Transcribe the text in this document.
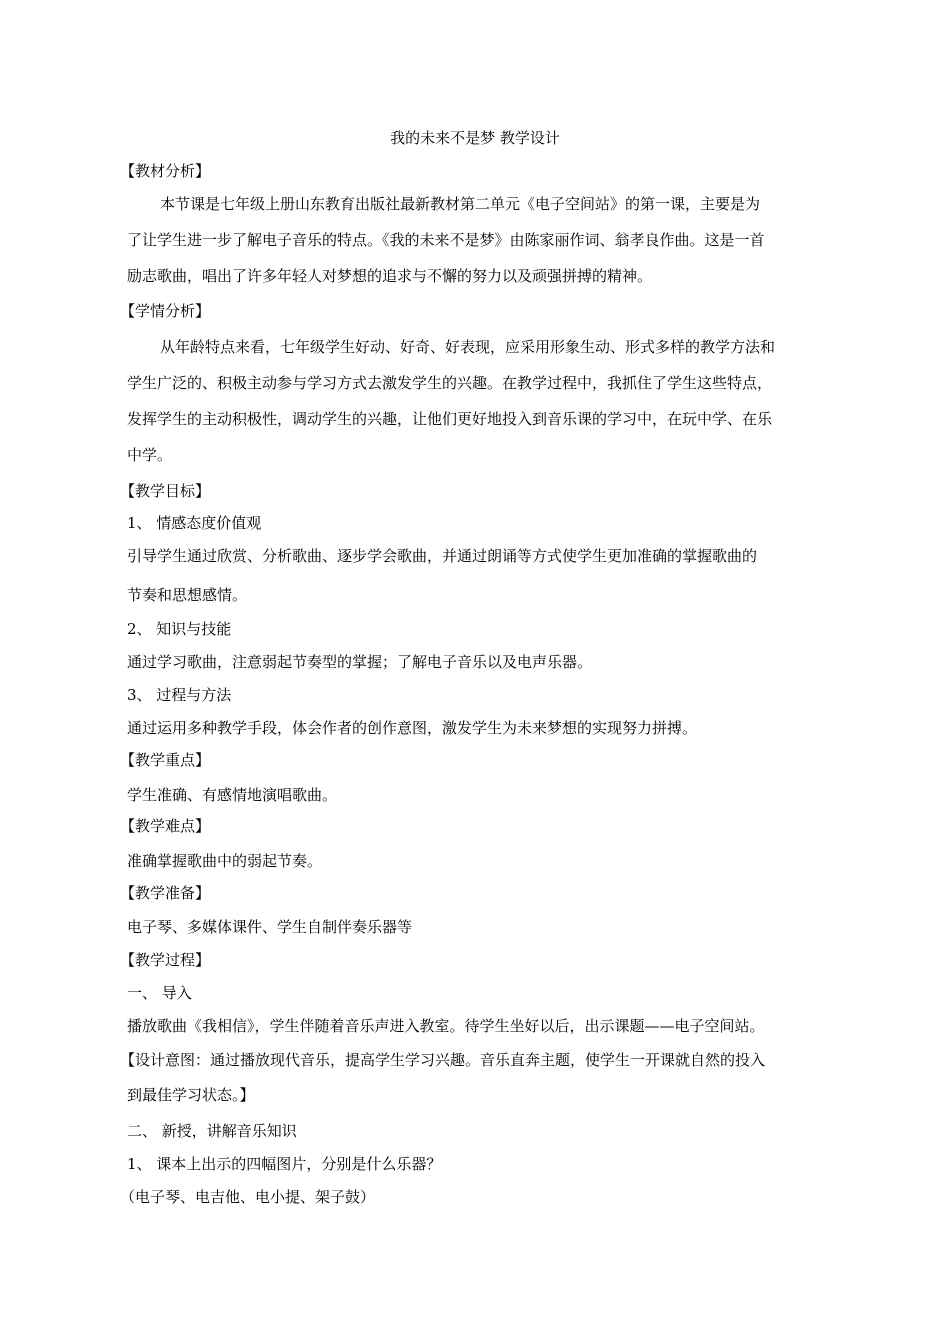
我的未来不是梦 教学设计
【教材分析】
本节课是七年级上册山东教育出版社最新教材第二单元《电子空间站》的第一课，主要是为
了让学生进一步了解电子音乐的特点。《我的未来不是梦》由陈家丽作词、翁孝良作曲。这是一首
励志歌曲，唱出了许多年轻人对梦想的追求与不懈的努力以及顽强拼搏的精神。
【学情分析】
从年龄特点来看，七年级学生好动、好奇、好表现，应采用形象生动、形式多样的教学方法和
学生广泛的、积极主动参与学习方式去激发学生的兴趣。在教学过程中，我抓住了学生这些特点，
发挥学生的主动积极性，调动学生的兴趣，让他们更好地投入到音乐课的学习中，在玩中学、在乐
中学。
【教学目标】
1、 情感态度价值观
引导学生通过欣赏、分析歌曲、逐步学会歌曲，并通过朗诵等方式使学生更加准确的掌握歌曲的
节奏和思想感情。
2、 知识与技能
通过学习歌曲，注意弱起节奏型的掌握；了解电子音乐以及电声乐器。
3、 过程与方法
通过运用多种教学手段，体会作者的创作意图，激发学生为未来梦想的实现努力拼搏。
【教学重点】
学生准确、有感情地演唱歌曲。
【教学难点】
准确掌握歌曲中的弱起节奏。
【教学准备】
电子琴、多媒体课件、学生自制伴奏乐器等
【教学过程】
一、 导入
播放歌曲《我相信》，学生伴随着音乐声进入教室。待学生坐好以后，出示课题——电子空间站。
【设计意图：通过播放现代音乐，提高学生学习兴趣。音乐直奔主题，使学生一开课就自然的投入
到最佳学习状态。】
二、 新授，讲解音乐知识
1、 课本上出示的四幅图片，分别是什么乐器？
（电子琴、电吉他、电小提、架子鼓）
